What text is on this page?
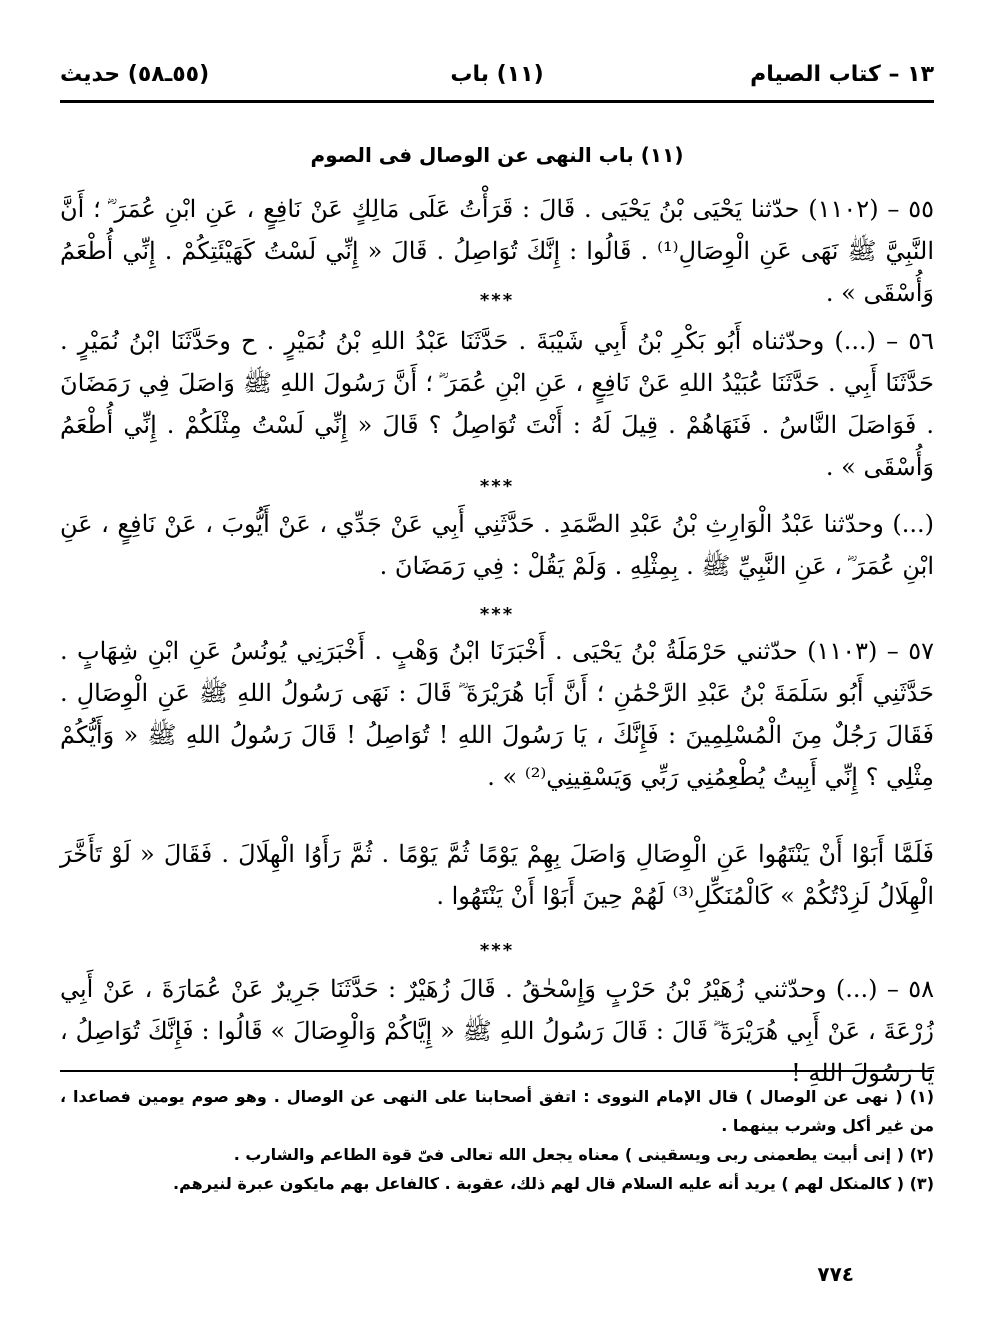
١٣ – كتاب الصيام
(١١) باب
(٥٥ـ٥٨) حديث
(١١) باب النهى عن الوصال فى الصوم
٥٥ – (١١٠٢) حدّثنا يَحْيَى بْنُ يَحْيَى . قَالَ : قَرَأْتُ عَلَى مَالِكٍ عَنْ نَافِعٍ ، عَنِ ابْنِ عُمَرَ ؓ ؛ أَنَّ النَّبِيَّ ﷺ نَهَى عَنِ الْوِصَالِ⁽¹⁾ . قَالُوا : إِنَّكَ تُوَاصِلُ . قَالَ « إِنِّي لَسْتُ كَهَيْئَتِكُمْ . إِنِّي أُطْعَمُ وَأُسْقَى » .
***
٥٦ – (...) وحدّثناه أَبُو بَكْرِ بْنُ أَبِي شَيْبَةَ . حَدَّثَنَا عَبْدُ اللهِ بْنُ نُمَيْرٍ . ح وحَدَّثَنَا ابْنُ نُمَيْرٍ . حَدَّثَنَا أَبِي . حَدَّثَنَا عُبَيْدُ اللهِ عَنْ نَافِعٍ ، عَنِ ابْنِ عُمَرَ ؓ ؛ أَنَّ رَسُولَ اللهِ ﷺ وَاصَلَ فِي رَمَضَانَ . فَوَاصَلَ النَّاسُ . فَنَهَاهُمْ . قِيلَ لَهُ : أَنْتَ تُوَاصِلُ ؟ قَالَ « إِنِّي لَسْتُ مِثْلَكُمْ . إِنِّي أُطْعَمُ وَأُسْقَى » .
***
(...) وحدّثنا عَبْدُ الْوَارِثِ بْنُ عَبْدِ الصَّمَدِ . حَدَّثَنِي أَبِي عَنْ جَدِّي ، عَنْ أَيُّوبَ ، عَنْ نَافِعٍ ، عَنِ ابْنِ عُمَرَ ؓ ، عَنِ النَّبِيِّ ﷺ . بِمِثْلِهِ . وَلَمْ يَقُلْ : فِي رَمَضَانَ .
***
٥٧ – (١١٠٣) حدّثني حَرْمَلَةُ بْنُ يَحْيَى . أَخْبَرَنَا ابْنُ وَهْبٍ . أَخْبَرَنِي يُونُسُ عَنِ ابْنِ شِهَابٍ . حَدَّثَنِي أَبُو سَلَمَةَ بْنُ عَبْدِ الرَّحْمَٰنِ ؛ أَنَّ أَبَا هُرَيْرَةَ ؓ قَالَ : نَهَى رَسُولُ اللهِ ﷺ عَنِ الْوِصَالِ . فَقَالَ رَجُلٌ مِنَ الْمُسْلِمِينَ : فَإِنَّكَ ، يَا رَسُولَ اللهِ ! تُوَاصِلُ ! قَالَ رَسُولُ اللهِ ﷺ « وَأَيُّكُمْ مِثْلِي ؟ إِنِّي أَبِيتُ يُطْعِمُنِي رَبِّي وَيَسْقِينِي⁽²⁾ » .
فَلَمَّا أَبَوْا أَنْ يَنْتَهُوا عَنِ الْوِصَالِ وَاصَلَ بِهِمْ يَوْمًا ثُمَّ يَوْمًا . ثُمَّ رَأَوُا الْهِلَالَ . فَقَالَ « لَوْ تَأَخَّرَ الْهِلَالُ لَزِدْتُكُمْ » كَالْمُنَكِّلِ⁽³⁾ لَهُمْ حِينَ أَبَوْا أَنْ يَنْتَهُوا .
***
٥٨ – (...) وحدّثني زُهَيْرُ بْنُ حَرْبٍ وَإِسْحٰقُ . قَالَ زُهَيْرٌ : حَدَّثَنَا جَرِيرٌ عَنْ عُمَارَةَ ، عَنْ أَبِي زُرْعَةَ ، عَنْ أَبِي هُرَيْرَةَ ؓ قَالَ : قَالَ رَسُولُ اللهِ ﷺ « إِيَّاكُمْ وَالْوِصَالَ » قَالُوا : فَإِنَّكَ تُوَاصِلُ ، يَا رَسُولَ اللهِ !

(١) ( نهى عن الوصال ) قال الإمام النووى : اتفق أصحابنا على النهى عن الوصال . وهو صوم يومين فصاعدا ، من غير أكل وشرب بينهما .

(٢) ( إنى أبيت يطعمنى ربى ويسقينى ) معناه يجعل الله تعالى فىّ قوة الطاعم والشارب .

(٣) ( كالمنكل لهم ) يريد أنه عليه السلام قال لهم ذلك، عقوبة . كالفاعل بهم مايكون عبرة لنيرهم.

٧٧٤
